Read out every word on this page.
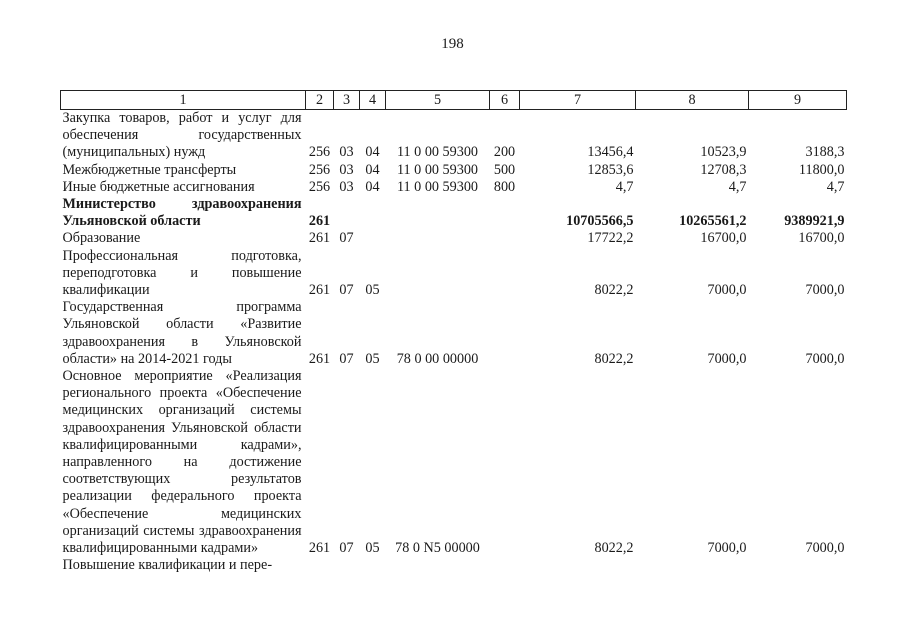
198
1	2	3	4	5	6	7	8	9
Закупка товаров, работ и услуг для обеспечения государственных (муниципальных) нужд	256	03	04	11 0 00 59300	200	13456,4	10523,9	3188,3
Межбюджетные трансферты	256	03	04	11 0 00 59300	500	12853,6	12708,3	11800,0
Иные бюджетные ассигнования	256	03	04	11 0 00 59300	800	4,7	4,7	4,7
Министерство здравоохранения Ульяновской области	261					10705566,5	10265561,2	9389921,9
Образование	261	07				17722,2	16700,0	16700,0
Профессиональная подготовка, переподготовка и повышение квалификации	261	07	05			8022,2	7000,0	7000,0
Государственная программа Ульяновской области «Развитие здравоохранения в Ульяновской области» на 2014-2021 годы	261	07	05	78 0 00 00000		8022,2	7000,0	7000,0
Основное мероприятие «Реализация регионального проекта «Обеспечение медицинских организаций системы здравоохранения Ульяновской области квалифицированными кадрами», направленного на достижение соответствующих результатов реализации федерального проекта «Обеспечение медицинских организаций системы здравоохранения квалифицированными кадрами»	261	07	05	78 0 N5 00000		8022,2	7000,0	7000,0
Повышение квалификации и пере-								
